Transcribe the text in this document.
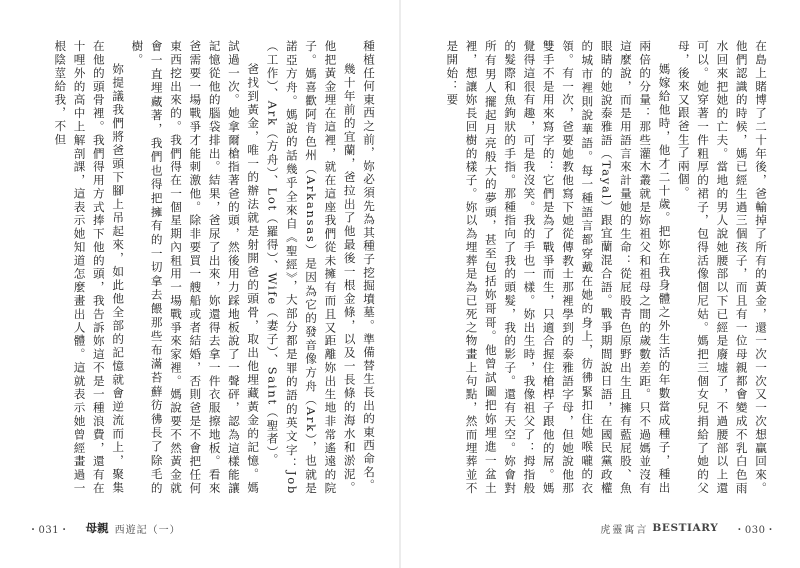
種植任何東西之前，妳必須先為其種子挖掘墳墓。準備替生長出的東西命名。

幾十年前的宜蘭，爸拉出了他最後一根金條，以及一長條的海水和淤泥。他把黃金埋在這裡，就在這座我們從未擁有而且又距離妳出生地非常遙遠的院子。媽喜歡阿肯色州（Arkansas）是因為它的發音像方舟（Ark），也就是諾亞方舟。媽說的話幾乎全來自《聖經》，大部分都是罪的語的英文字：Job（工作）、Ark（方舟）、Lot（羅得）、Wife（妻子）、Saint（聖者）。

爸找到黃金，唯一的辦法就是射開爸的頭骨，取出他埋藏黃金的記憶。媽試過一次。她拿爾槍指著爸的頭，然後用力踩地板說了一聲砰，認為這樣能讓記憶從他的腦袋排出。結果，爸尿了出來，妳還得去拿一件衣服擦地板。看來爸需要一場戰爭才能刺激他。除非要買一艘船或者結婚，否則爸是不會把任何東西挖出來的。我們得在一個星期內租用一場戰爭來家裡。媽說要不然黃金就會一直埋藏著，我們也得把擁有的一切拿去餵那些布滿苔蘚彷彿長了除毛的樹。

妳提議我們將爸頭下腳上吊起來，如此他全部的記憶就會逆流而上，聚集在他的頭骨裡。我們得用方式捧下他的頭，我告訴妳這不是一種浪費，還有在十哩外的高中上解剖課，這表示她知道怎麼畫出人體。這就表示她曾經畫過一根陰莖給我，不但

・031・ 母親 西遊記（一）

在島上賭博了二十年後，爸輸掉了所有的黃金，還一次一次又一次想贏回來。他們認識的時候，媽已經生過三個孩子，而且有一位母親都會變成不乳白色雨水回來把她的亡夫。當地的男人說她腰部以下已經是廢墟了，不過腰部以上還可以。她穿著一件粗厚的裙子，包得活像個尼姑。媽把三個女兒捐給了她的父母，後來又跟爸生了兩個。

媽嫁給他時，他才二十歲。把妳在我身體之外生活的年數當成種子，種出兩倍的分量：那些灌木叢就是妳祖父和祖母之間的歲數差距。只不過媽並沒有這麼說，而是用語言來計量她的生命：從屁股青色原野出生且擁有藍屁股、魚眼睛的她說泰雅語（Tayal）跟宜蘭混合語。戰爭期間說日語，在國民黨政權的城市裡則說華語。每一種語言都穿戴在她的身上，彷彿緊扣住她喉嚨的衣領。有一次，爸要她教他寫下她從傳教士那裡學到的泰雅語字母，但她說他那雙手不是用來寫字的：它們是為了戰爭而生，只適合握住槍桿子跟他的屌。媽覺得這很有趣，可是我沒笑。我的手也一樣。妳出生時，我像祖父了：拇指般的髮際和魚鉤狀的手指。那種指向了我的頭髮，我的影子。還有天空。妳會對所有男人擺起月亮般大的夢頭，甚至包括妳哥哥。他曾試圖把妳埋進一盆土裡，想讓妳長回樹的樣子。妳以為埋葬是為已死之物畫上句點，然而埋葬並不是開始：要

虎靈寓言 BESTIARY ・030・
